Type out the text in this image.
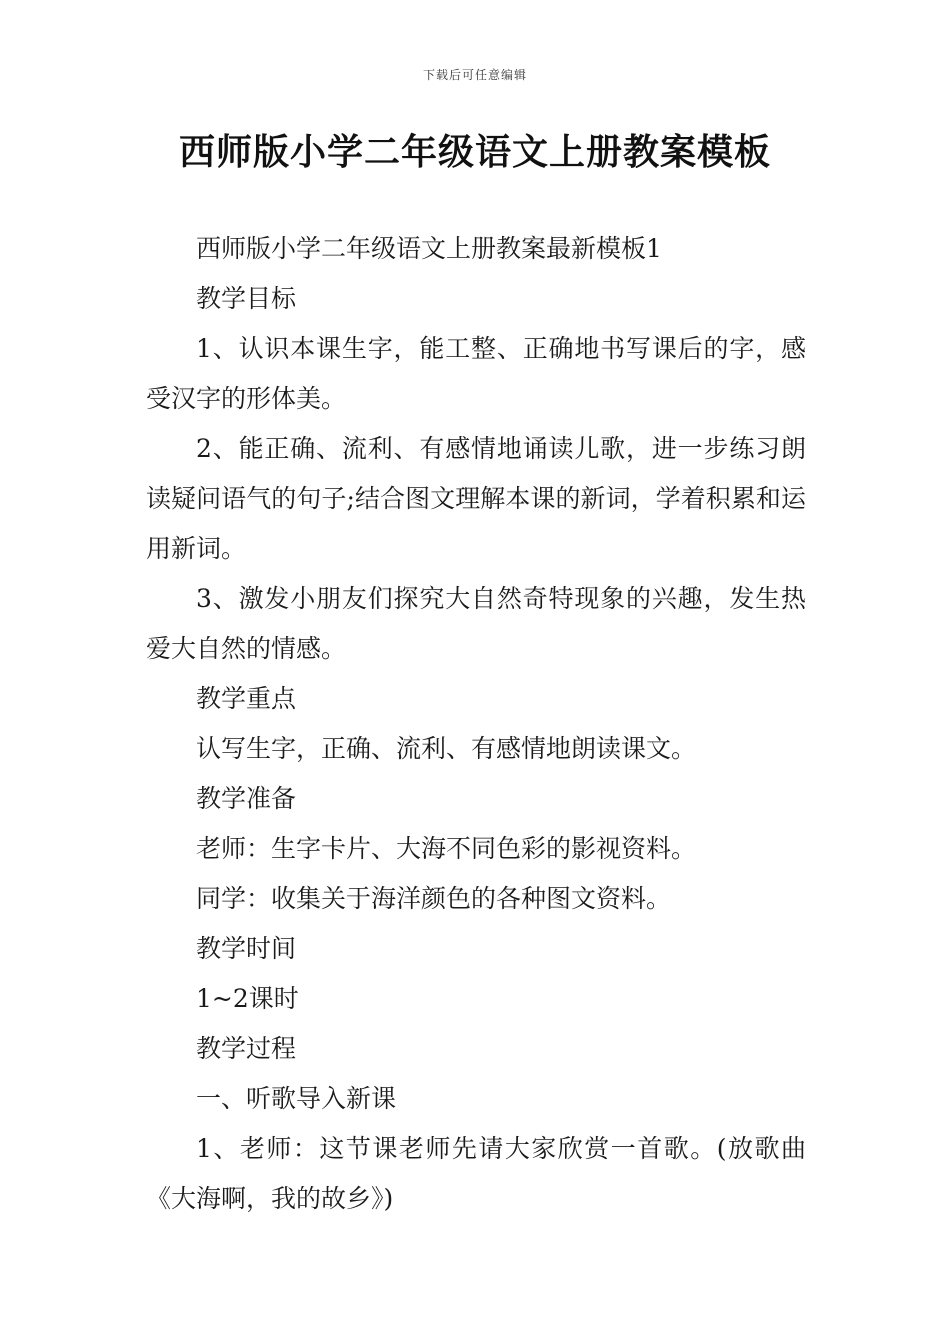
下载后可任意编辑
西师版小学二年级语文上册教案模板

西师版小学二年级语文上册教案最新模板1

教学目标

1、认识本课生字，能工整、正确地书写课后的字，感受汉字的形体美。

2、能正确、流利、有感情地诵读儿歌，进一步练习朗读疑问语气的句子;结合图文理解本课的新词，学着积累和运用新词。

3、激发小朋友们探究大自然奇特现象的兴趣，发生热爱大自然的情感。

教学重点

认写生字，正确、流利、有感情地朗读课文。

教学准备

老师：生字卡片、大海不同色彩的影视资料。

同学：收集关于海洋颜色的各种图文资料。

教学时间

1~2课时

教学过程

一、听歌导入新课

1、老师：这节课老师先请大家欣赏一首歌。(放歌曲《大海啊，我的故乡》)
